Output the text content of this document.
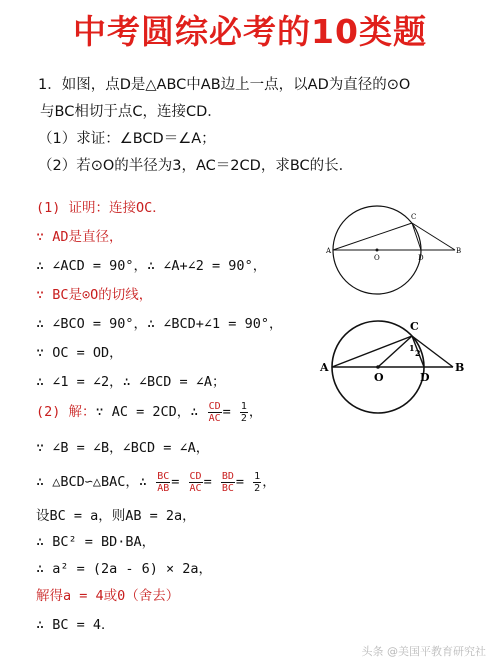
中考圆综必考的10类题
1．如图，点D是△ABC中AB边上一点，以AD为直径的⊙O
与BC相切于点C，连接CD．
（1）求证：∠BCD＝∠A；
（2）若⊙O的半径为3，AC＝2CD，求BC的长．
(1) 证明：连接OC．
∵ AD是直径，
∴ ∠ACD = 90°，∴ ∠A+∠2 = 90°，
∵ BC是⊙O的切线，
∴ ∠BCO = 90°，∴ ∠BCD+∠1 = 90°，
∵ OC = OD，
∴ ∠1 = ∠2，∴ ∠BCD = ∠A；
(2) 解：∵ AC = 2CD，∴ $\frac{CD}{AC} = \frac{1}{2}$ ，
∵ ∠B = ∠B，∠BCD = ∠A，
∴ △BCD∽△BAC，∴ $\frac{BC}{AB} = \frac{CD}{AC} = \frac{BD}{BC} = \frac{1}{2}$ ，
设BC = a，则AB = 2a，
∴ BC² = BD·BA，
∴ a² = (2a - 6) × 2a，
解得a = 4或0（舍去）
∴ BC = 4．
A	B
C
D
O
A	B
C
D
O
1 2
头条 @美国平教育研究社
